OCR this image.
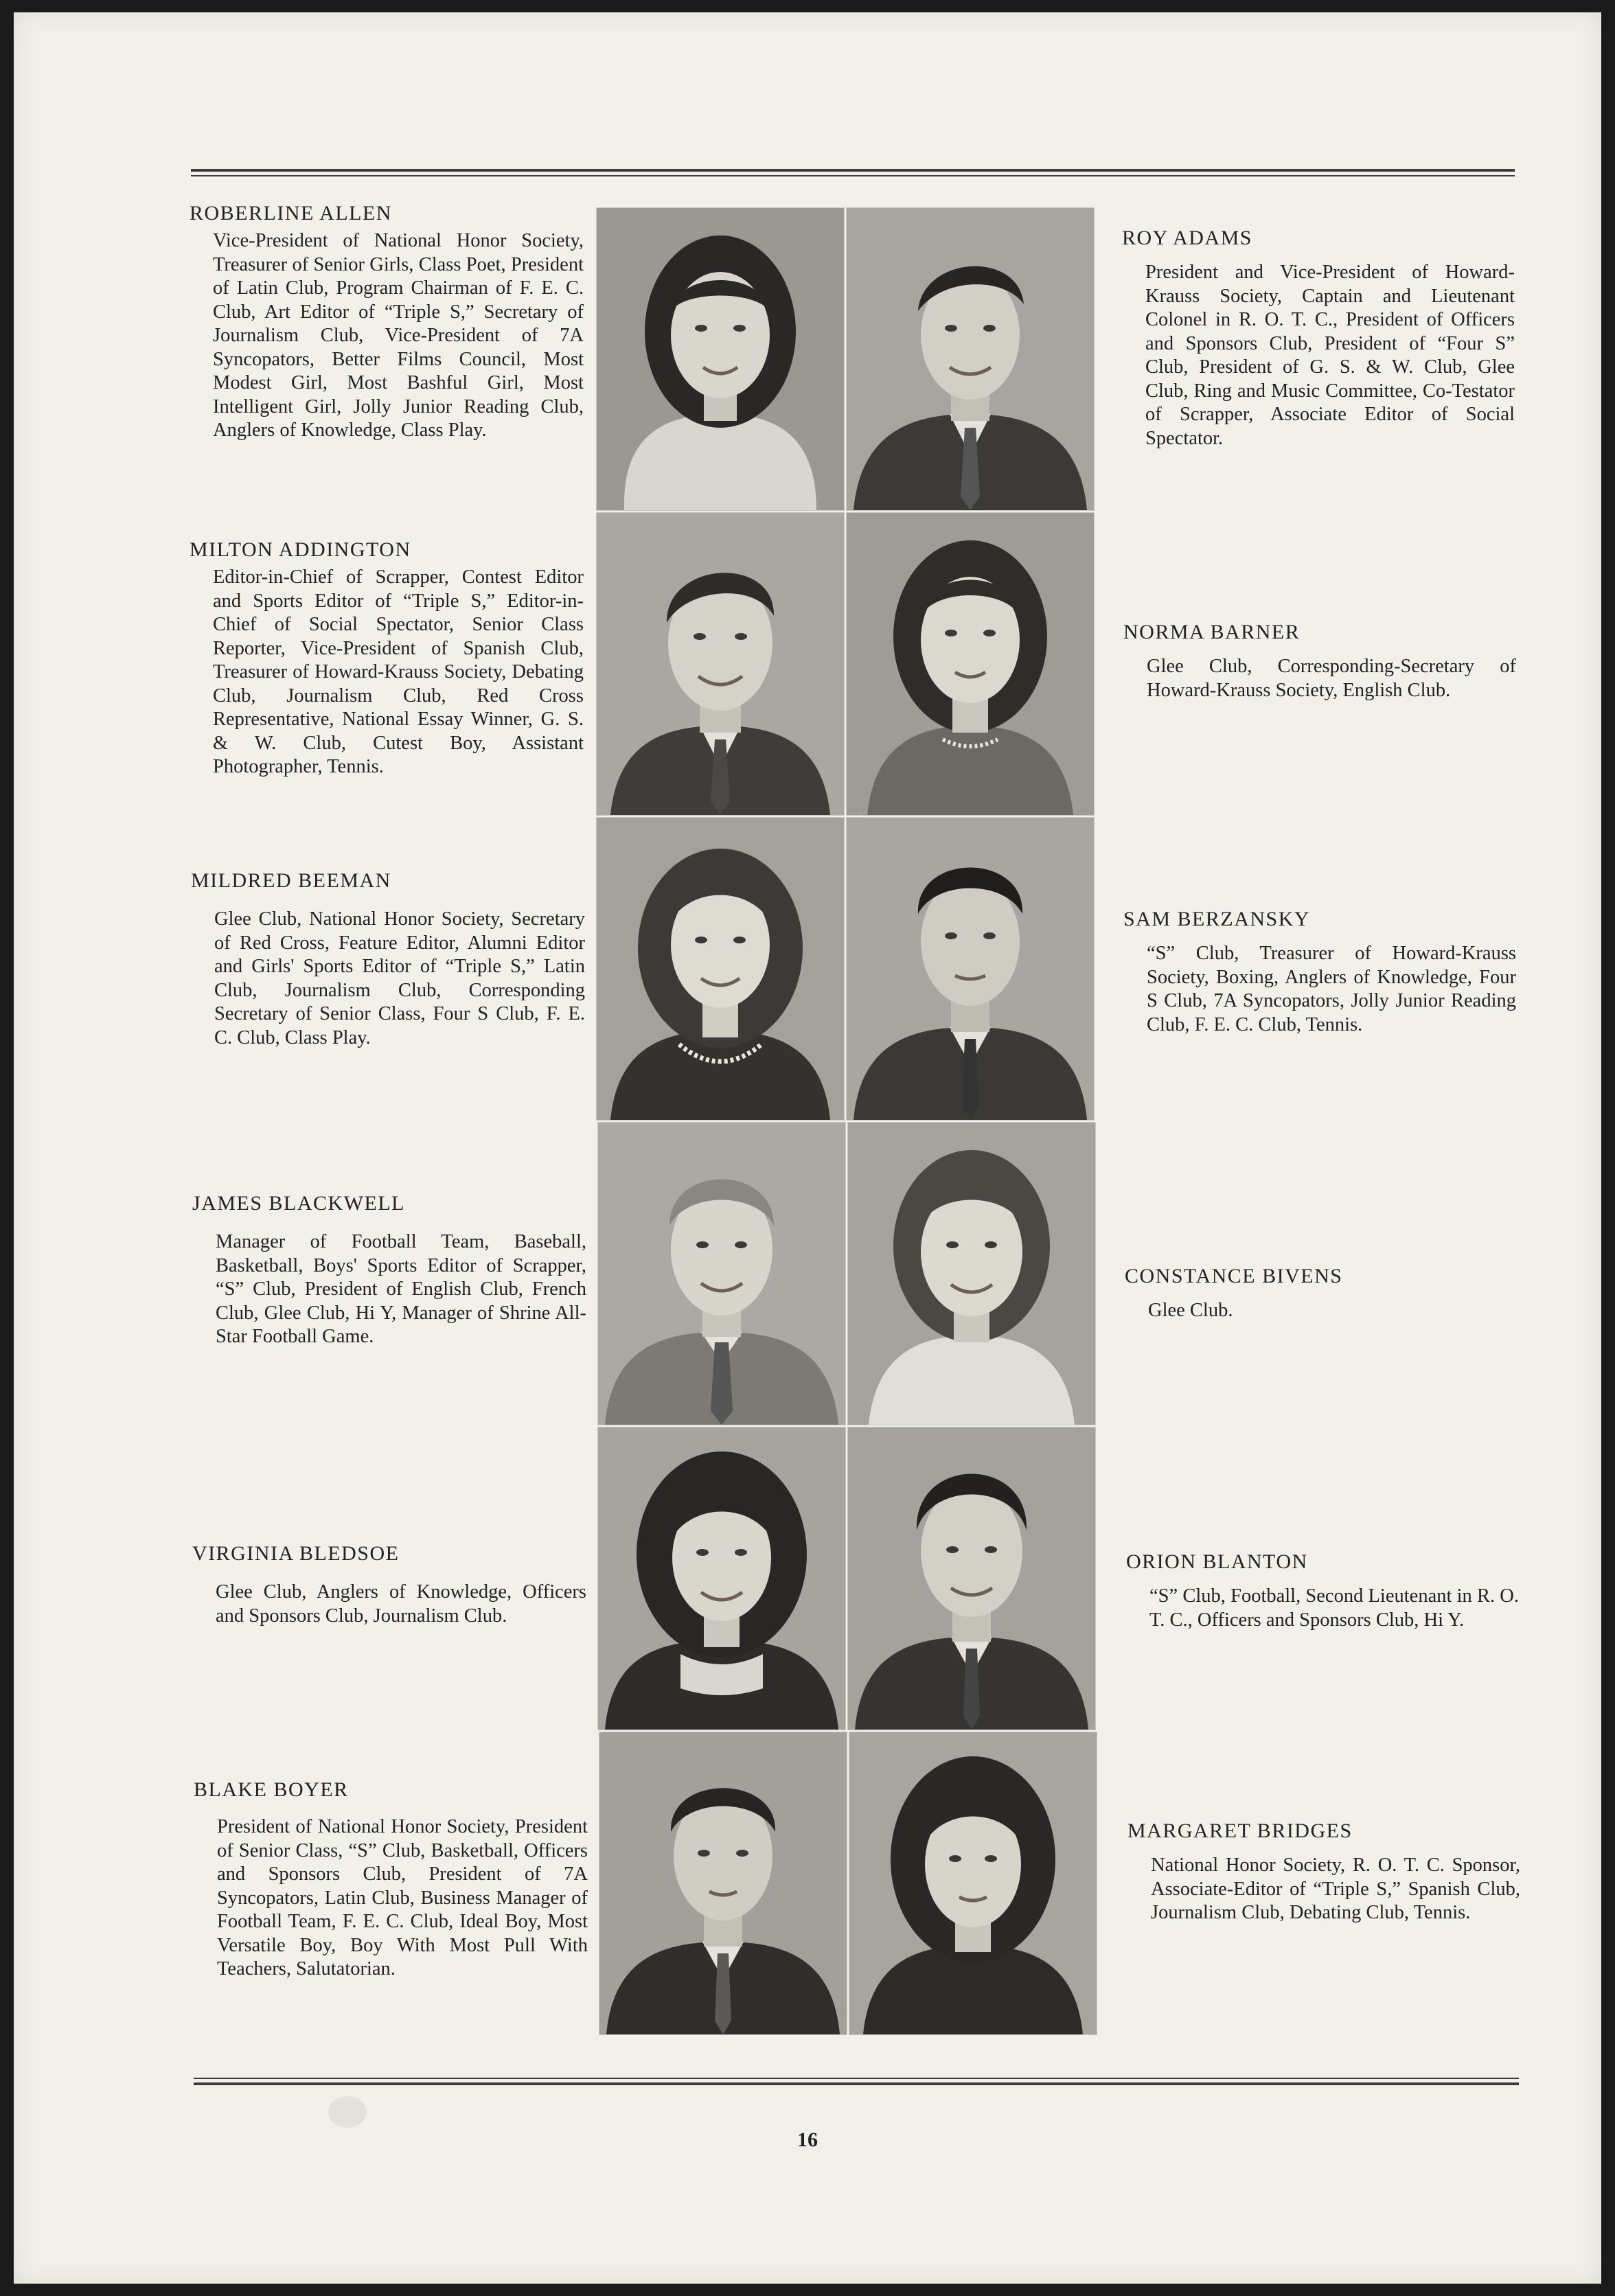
ROBERLINE ALLEN
Vice-President of National Honor Society, Treasurer of Senior Girls, Class Poet, President of Latin Club, Program Chairman of F. E. C. Club, Art Editor of “Triple S,” Secretary of Journalism Club, Vice-President of 7A Syncopators, Better Films Council, Most Modest Girl, Most Bashful Girl, Most Intelligent Girl, Jolly Junior Reading Club, Anglers of Knowledge, Class Play.
MILTON ADDINGTON
Editor-in-Chief of Scrapper, Contest Editor and Sports Editor of “Triple S,” Editor-in-Chief of Social Spectator, Senior Class Reporter, Vice-President of Spanish Club, Treasurer of Howard-Krauss Society, Debating Club, Journalism Club, Red Cross Representative, National Essay Winner, G. S. & W. Club, Cutest Boy, Assistant Photographer, Tennis.
MILDRED BEEMAN
Glee Club, National Honor Society, Secretary of Red Cross, Feature Editor, Alumni Editor and Girls' Sports Editor of “Triple S,” Latin Club, Journalism Club, Corresponding Secretary of Senior Class, Four S Club, F. E. C. Club, Class Play.
JAMES BLACKWELL
Manager of Football Team, Baseball, Basketball, Boys' Sports Editor of Scrapper, “S” Club, President of English Club, French Club, Glee Club, Hi Y, Manager of Shrine All-Star Football Game.
VIRGINIA BLEDSOE
Glee Club, Anglers of Knowledge, Officers and Sponsors Club, Journalism Club.
BLAKE BOYER
President of National Honor Society, President of Senior Class, “S” Club, Basketball, Officers and Sponsors Club, President of 7A Syncopators, Latin Club, Business Manager of Football Team, F. E. C. Club, Ideal Boy, Most Versatile Boy, Boy With Most Pull With Teachers, Salutatorian.
ROY ADAMS
President and Vice-President of Howard-Krauss Society, Captain and Lieutenant Colonel in R. O. T. C., President of Officers and Sponsors Club, President of “Four S” Club, President of G. S. & W. Club, Glee Club, Ring and Music Committee, Co-Testator of Scrapper, Associate Editor of Social Spectator.
NORMA BARNER
Glee Club, Corresponding-Secretary of Howard-Krauss Society, English Club.
SAM BERZANSKY
“S” Club, Treasurer of Howard-Krauss Society, Boxing, Anglers of Knowledge, Four S Club, 7A Syncopators, Jolly Junior Reading Club, F. E. C. Club, Tennis.
CONSTANCE BIVENS
Glee Club.
ORION BLANTON
“S” Club, Football, Second Lieutenant in R. O. T. C., Officers and Sponsors Club, Hi Y.
MARGARET BRIDGES
National Honor Society, R. O. T. C. Sponsor, Associate-Editor of “Triple S,” Spanish Club, Journalism Club, Debating Club, Tennis.
16
